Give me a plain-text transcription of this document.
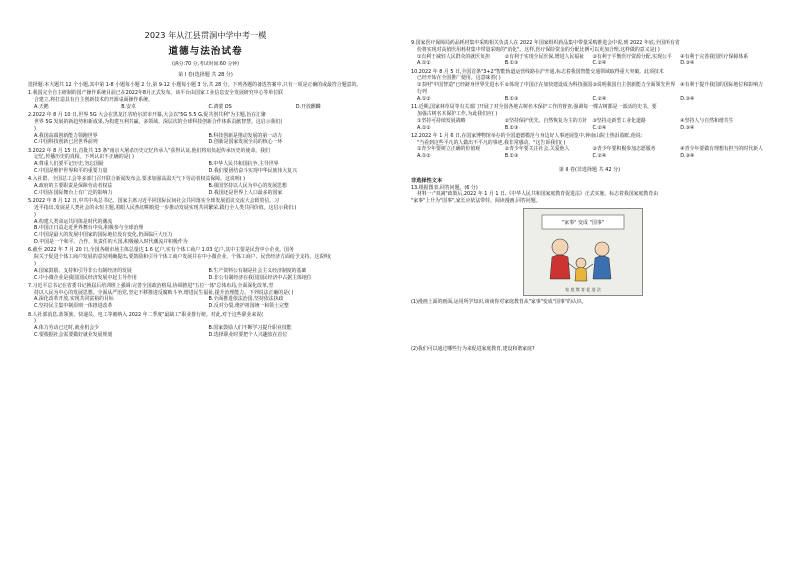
2023 年从江县贯洞中学中考一模
道德与法治试卷
(满分:70 分,考试时间:60 分钟)
第 I 卷(选择题 共 28 分)

选择题:本大题共 12 个小题,其中第 1-8 小题每小题 2 分,第 9-12 小题每小题 3 分,共 28 分。下列各题的备选答案中,只有一项是正确的或最符合题意的。

1.我国完全自主研制的国产操作系统目前已在2022年8月正式发布。该平台由国家工业信息安全发展研究中心等单位联

合建立,将打造具有自主创新技术的开源桌面操作系统。

A.天鹅	B.安卓	C.鸿蒙 OS	D.开放麒麟

2.2022 年 8 月 10 日,世界 5G 大会在黑龙江省哈尔滨市开幕,大会以"5G 5.5 G,促共创共利"为主题,旨在汇聚

世界 5G 发展的新趋势和新成果,为构建互利共赢、多领域、深层次的全球科技创新合作体系贡献智慧。这启示我们(

)

A.我国高端创新能力领跑世界	B.科技创新是推动发展的第一动力
C.中国科技创新已居世界前列	D.创新是国家发展全局的核心一环

3.2022 年 8 月 15 日,首批共 13 条"南京大屠杀历史记忆传承人"获得认证,他们将肩负起传承历史的使命。我们

记忆,传播历史的真相。下列认识不正确的是( )

A.尊重人们要平记历史,勿忘国耻	B.中华人民共和国抗争,主导世界
C.中国是维护世界和平的重要力量	D.我们要团结奋斗实现中华民族伟大复兴

4.入社群、全国总工会等多部门召开联合新闻发布会,要求加强高温天气下劳动者权益保障。这说明( )

A.政府的主要职责是保障劳动者权益	B.我国坚持以人民为中心的发展思想
C.中国在国际舞台上有广泛的影响力	D.我国还是世界上人口最多的国家

5.2022 年 8 月 12 日,中共中央总书记、国家主席习近平同国际民间社会共同落实全球发展倡议交流大会致贺信。习

近平指出,发展是人类社会的永恒主题,着眼人民热切期盼进一步推动发展实现共同繁荣,践行全人类共同价值。这启示我们:(

)

A.构建人类命运共同体是时代的潮流

B.中国正日益走近世界舞台中央,积极参与全球治理

C.中国是最大的发展中国家的国际地位没有变化,仍面临巨大压力

D.中国是一个和平、合作、负责任的大国,积极融入时代潮流并积极作为

6.截至 2022 年 7 月 20 日,全国各级市场主体总量达 1.6 亿户,实有个体工商户 1.03 亿户,其中主要是民营中小企业。国务

院关于促进个体工商户发展的意见明确提出,要鼓励和引导个体工商户发展并在中小微企业、个体工商户、民营经济方面给予支持。这说明(

)

A.国家鼓励、支持和引导非公有制经济的发展	B.生产资料公有制是社会主义经济制度的基础
C.中小微企业是我国国民经济发展中起主导作用	D.非公有制经济在我国国民经济中占据主体地位

7.习近平总书记在省委书记换届后培训班上强调:完善全国政治格局,协调推进"五位一体"总体布局,全面深化改革,坚

持以人民为中心的发展思想。全面从严治党,坚定不移推进反腐败斗争,增进民生福祉,提升治理能力。下列说法正确的是( )

A.深化改革开放,实现共同富裕的目标	B.全面推进依法治国,坚持依法执政
C.坚持民主集中制原则一体推进改革	D.反对分裂,维护祖国统一和领土完整

8.人社部消息,蓝领族、快递员、电工等被纳入 2022 年二季度"最缺工"职业排行榜。对此,对于这些职业来说(

)

A.体力劳动已过时,就业机会少	B.国家鼓励人们不断学习提升职业技能
C.要根据社会需要做好就业发展规划	D.选择职业时要把个人兴趣放在首位

9.国家医疗保障局药品耗材集中采购相关负责人在 2022 年国家组织药品集中带量采购推进会中说,到 2022 年底,全国所有省

份将实现对高值医用耗材集中带量采购的"消化"。这样,医疗保险资金的分配比例可以更加合理,这样做的意义是( )

①有利于减轻人民群众的就医负担	②有利于实现全民医保,增进人民福祉	③有利于平衡医疗资源分配,实现公平	④有利于完善我国医疗保障体系
A.①②	B.①③	C.②④	D.③④

10.2022 年 8 月 5 日,全国首条"3+2"智能轨道运营线路在沪开通,标志着我国智能交通领域取得重大突破。此项技术

已经开始在全国推广使用。这意味着( )

①表明"中国智造"已经跻身世界先进水平行列
②体现了中国正在加快建设成为科技强国 ③说明我国自主创新能力全面领先世界	④有利于提升我国的国际地位和影响力
A.①②	B.①③	C.②④	D.③④

11.近期,国家林草局等有关部门开展了对全国各地古树名木保护工作的督查,强调每一棵古树都是一部活的史书。要

加强古树名木保护工作,为此我们应( )

①坚持可持续发展战略	②坚持保护优先、自然恢复为主的方针	③坚持走新型工业化道路	④坚持人与自然和谐共生
A.①②	B.①③	C.②④	D.③④

12.2022 年 1 月 6 日,在国家博物馆举办的全国道德模范与身边好人事迹展览中,钟南山院士热泪盈眶,他说:

"当看到这些平凡的人做出不平凡的事迹,我非常感动。"这告诉我们( )

①青少年要树立正确的价值观	②青少年要关注社会,关爱他人	③青少年要积极参加志愿服务	④青少年要做有理想有担当的时代新人
A.①②	B.①③	C.②④	D.③④
第 II 卷(非选择题 共 42 分)
非选择性文本

13.根据图表,回答问题。(6 分)

材料一:"双减"政策后,2022 年 1 月 1 日,《中华人民共和国家庭教育促进法》正式实施。标志着我国家庭教育由

"家事"上升为"国事",家长应依法带娃。阅读漫画,回答问题。

"家事" 变成 "国事"
家 庭 教 育 促 进 法

(1)漫画上面的画面,运用所学知识,谈谈你对家庭教育从"家事"变成"国事"的认识。

(2)我们可以通过哪些行为来促进家庭教育,建设和谐家庭?
